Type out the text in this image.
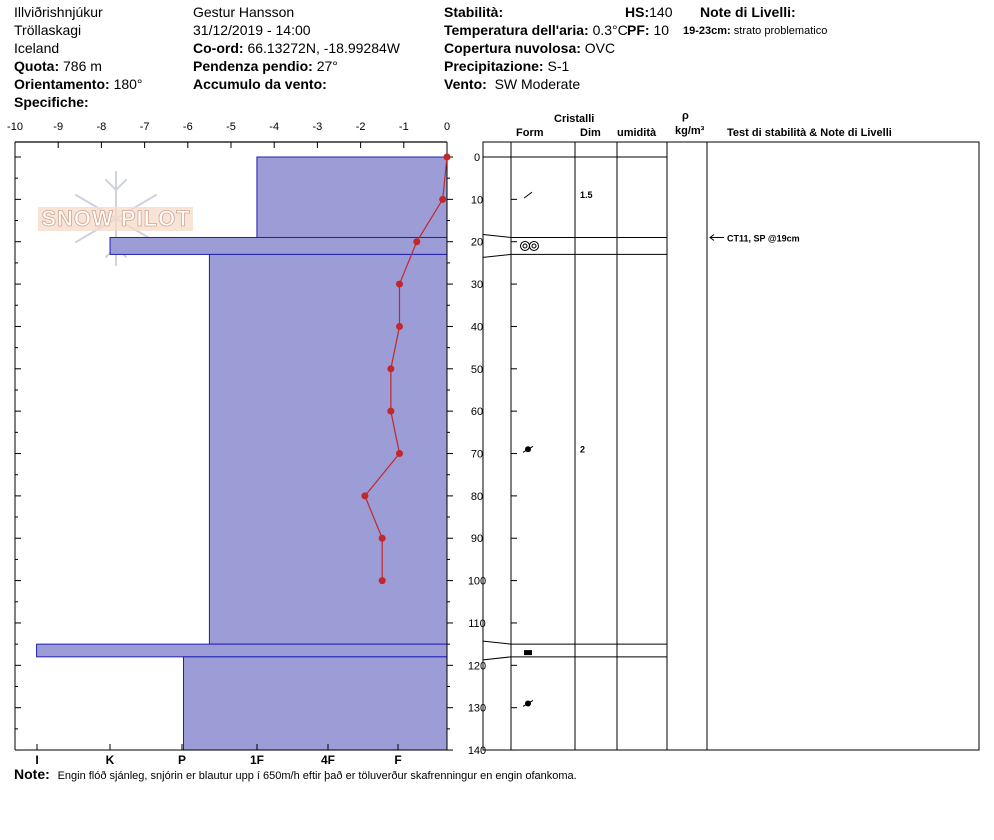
Illviðrishnjúkur
Tröllaskagi
Iceland
Quota: 786 m
Orientamento: 180°
Specifiche:
Gestur Hansson
31/12/2019 - 14:00
Co-ord: 66.13272N, -18.99284W
Pendenza pendio: 27°
Accumulo da vento:
Stabilità:
Temperatura dell'aria: 0.3°C
Copertura nuvolosa: OVC
Precipitazione: S-1
Vento: SW Moderate
HS:140
PF: 10
Note di Livelli:
19-23cm: strato problematico
Cristalli
Form	Dim umidità
ρ
kg/m³ Test di stabilità & Note di Livelli
SNOW PILOT
-10	-9	-8	-7	-6	-5	-4	-3	-2	-1	0
0
10
20
30
40
50
60
70
80
90
100
110
120
130
140
I	K	P	1F	4F	F
1.5
2
CT11, SP @19cm
Note: Engin flóð sjánleg, snjórin er blautur upp í 650m/h eftir það er töluverður skafrenningur en engin ofankoma.
